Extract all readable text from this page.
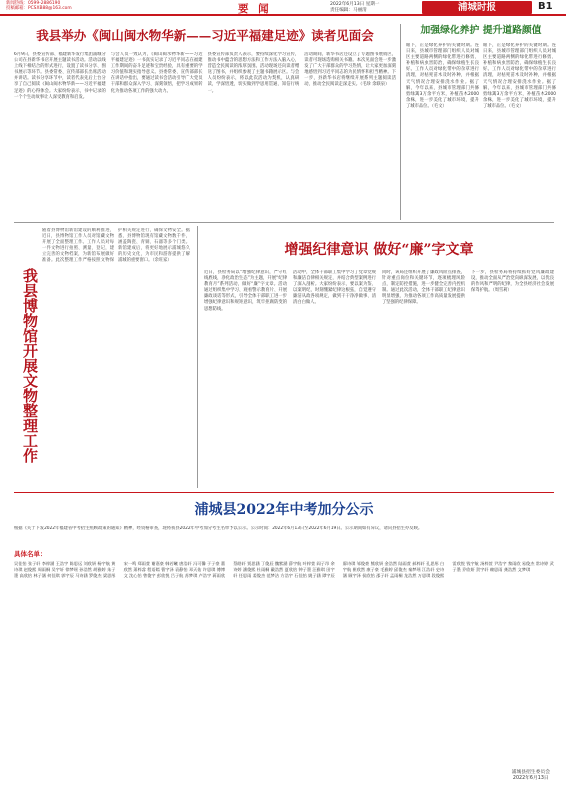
新闻热线：0599-2886190
投稿邮箱：PCSXB88@163.com	要 闻	2022年6月13日 星期一
责任编辑：马丽清	浦城时报	B1
我县举办《闽山闽水物华新——习近平福建足迹》读者见面会
6月9日，县委宣传部、福建新华发行集团浦城分公司在县新华书店开展主题读书活动。活动以线上线下相结合的形式进行，设置了读书分享、图书展示等环节。县委常委、宣传部部长出席活动并讲话。读书分享环节中，读者代表先后上台分享了自己阅读《闽山闽水物华新——习近平福建足迹》的心得体会。大家纷纷表示，书中记录的一个个生动故事让人深受教育和启发。
与会人员一致认为，《闽山闽水物华新——习近平福建足迹》一书真实记录了习近平同志在福建工作期间的奋斗足迹和宝贵经验，具有重要的学习价值和现实指导意义。县委常委、宣传部部长在讲话中指出，要通过读书会活动引导广大党员干部和群众深入学习、深刻领悟，把学习成果转化为推动各项工作的强大动力。
县委宣传部负责人表示，要持续深化学习宣传，推动书中蕴含的思想方法和工作方法入脑入心，营造全民阅读的浓厚氛围。活动现场还向读者赠送了图书，并组织参观了主题书籍展示区。与会人员纷纷表示，将以此次活动为契机，认真研读，学深悟透，切实做到学思用贯通、知信行统一。
活动期间，新华书店还设立了专题图书展销区，读者可现场选购相关书籍。本次见面会进一步激发了广大干部群众的学习热情，让大家更加深刻地感悟到习近平同志的为民情怀和担当精神。下一步，县新华书店将继续开展系列主题阅读活动，推动全民阅读走深走实。（毛珍 余联泉）
加强绿化养护 提升道路颜值
眼下，正是绿化养护的关键时期。连日来，县城市管理部门组织人员对城区主要道路两侧的绿化带进行修剪、补植和病虫害防治，确保绿植生长良好。工作人员对绿化带中的杂草进行清理，对枯死苗木及时补种，并根据天气情况合理安排浇水作业。据了解，今年以来，县城市管理部门共修剪绿篱3万余平方米，补植苗木2000余株，进一步美化了城市环境，提升了城市品位。（毛文）
眼下，正是绿化养护的关键时期。连日来，县城市管理部门组织人员对城区主要道路两侧的绿化带进行修剪、补植和病虫害防治，确保绿植生长良好。工作人员对绿化带中的杂草进行清理，对枯死苗木及时补种，并根据天气情况合理安排浇水作业。据了解，今年以来，县城市管理部门共修剪绿篱3万余平方米，补植苗木2000余株，进一步美化了城市环境，提升了城市品位。（毛文）
我县博物馆开展文物整理工作
随着县博物馆新馆建设的顺利推进，近日，县博物馆工作人员对馆藏文物开展了全面整理工作。工作人员对每一件文物进行拍照、测量、登记，建立完善的文物档案，为新馆布展做好准备。此次整理工作严格按照文物保护相关规定进行，确保文物安全。据悉，县博物馆现有馆藏文物数千件，涵盖陶瓷、青铜、石器等多个门类。新馆建成后，将更好地展示浦城悠久的历史文化，为市民和游客提供了解浦城的重要窗口。（余旺家）
增强纪律意识 做好“廉”字文章
近日，县检务局以“增强纪律意识，严守红线底线，净化政治生态”为主题，开展“纪律教育月”系列活动，做好“廉”字文章。活动通过组织集中学习、观看警示教育片、开展廉政谈话等形式，引导全体干部职工进一步增强纪律意识和规矩意识，筑牢拒腐防变的思想防线。
活动中，全体干部职工集中学习了党章党规和廉洁自律相关规定，并结合典型案例进行了深入剖析。大家纷纷表示，要以案为鉴、以案明纪，时刻绷紧纪律这根弦，自觉遵守廉洁从政各项规定，做到干干净净做事、清清白白做人。
同时，该局还组织开展了廉政风险点排查，针对重点岗位和关键环节，逐项梳理风险点，制定防控措施，进一步健全完善内控机制。通过此次活动，全体干部职工纪律意识明显增强，为推动各项工作高质量发展提供了坚强的纪律保障。
下一步，县检务局将持续抓好党风廉政建设，推动全面从严治党向纵深发展，以优良的作风和严明的纪律，为全县经济社会发展保驾护航。（周雪莉）
浦城县2022年中考加分公示
根据《关于下发2022年福建省中考招生照顾政策的通知》精神，经资格审查，现将我县2022年中考加分考生名单予以公示。公示时间：2022年6月13日至2022年6月19日。公示期间如有异议，请向县招生办反映。
具体名单：
吴佳怡 张子轩 李梓涵 王浩宇 陈思远 刘欣妍 杨宇航 黄诗琪 赵俊熙 周雨桐 吴宇轩 徐梦瑶 孙浩然 胡雅婷 朱子墨 高欣怡 林子涵 何佳琪 郭宇辰 马诗涵 罗俊杰 梁思彤 宋一鸣 郑雨萱 谢嘉豪 韩若曦 唐浩轩 冯可馨 于子豪 董欣然 萧梓睿 程语嫣 曹宇泽 袁静怡 邓天佑 许思琪 傅博文 沈心怡 曾俊宇 彭欣悦 吕子航 苏梦琪 卢浩宇 蒋雨欣 蔡皓轩 贾思涵 丁俊辰 魏紫涵 薛宇航 叶梓萱 阎子昂 余诗婷 潘俊熙 杜雨桐 戴浩然 夏欣怡 钟子墨 汪雅琪 田宇轩 任思雨 姜俊杰 范梦洁 方浩宇 石佳怡 姚子涵 谭宇辰 廖诗琪 邹俊豪 熊欣妍 金浩然 陆雨萱 郝梓轩 孔思彤 白宇航 崔欣然 康子豪 毛雅婷 邱俊杰 秦梦瑶 江浩轩 史诗涵 顾宇泽 侯欣怡 邵子轩 孟雨桐 龙浩然 万思琪 段俊熙 雷欣悦 钱宇航 汤梓萱 尹浩宇 黎雨欣 易俊杰 常诗婷 武子墨 乔欣妍 贺宇轩 赖思雨 龚浩然 文梦琪
浦城县招生委员会
2022年6月13日
